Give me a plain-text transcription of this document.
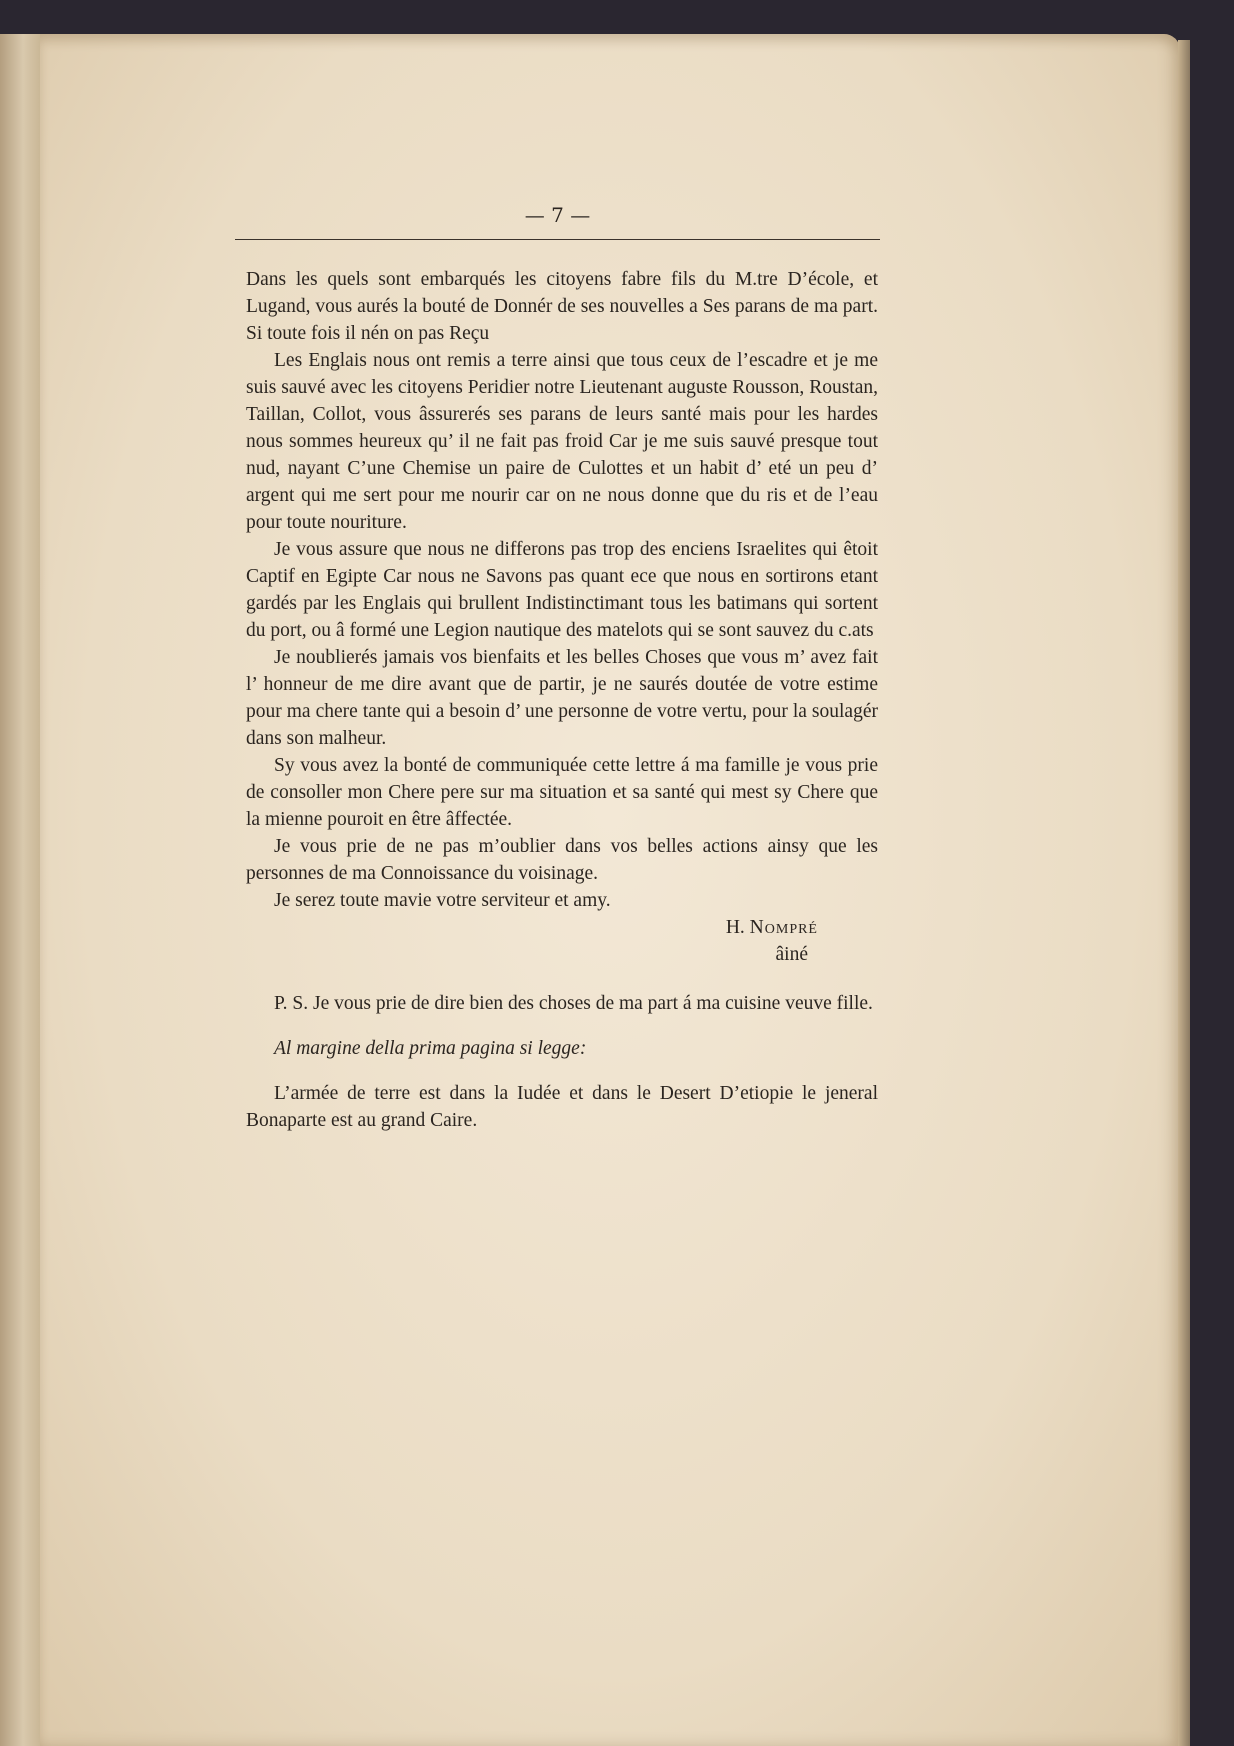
— 7 —

Dans les quels sont embarqués les citoyens fabre fils du M.tre D’école, et Lugand, vous aurés la bouté de Donnér de ses nouvelles a Ses parans de ma part. Si toute fois il nén on pas Reçu

Les Englais nous ont remis a terre ainsi que tous ceux de l’escadre et je me suis sauvé avec les citoyens Peridier notre Lieutenant auguste Rousson, Roustan, Taillan, Collot, vous âssurerés ses parans de leurs santé mais pour les hardes nous sommes heureux qu’ il ne fait pas froid Car je me suis sauvé presque tout nud, nayant C’une Chemise un paire de Culottes et un habit d’ eté un peu d’ argent qui me sert pour me nourir car on ne nous donne que du ris et de l’eau pour toute nouriture.

Je vous assure que nous ne differons pas trop des enciens Israelites qui êtoit Captif en Egipte Car nous ne Savons pas quant ece que nous en sortirons etant gardés par les Englais qui brullent Indistinctimant tous les batimans qui sortent du port, ou â formé une Legion nautique des matelots qui se sont sauvez du c.ats

Je noublierés jamais vos bienfaits et les belles Choses que vous m’ avez fait l’ honneur de me dire avant que de partir, je ne saurés doutée de votre estime pour ma chere tante qui a besoin d’ une personne de votre vertu, pour la soulagér dans son malheur.

Sy vous avez la bonté de communiquée cette lettre á ma famille je vous prie de consoller mon Chere pere sur ma situation et sa santé qui mest sy Chere que la mienne pouroit en être âffectée.

Je vous prie de ne pas m’oublier dans vos belles actions ainsy que les personnes de ma Connoissance du voisinage.

Je serez toute mavie votre serviteur et amy.

H. Nompré

âiné

P. S. Je vous prie de dire bien des choses de ma part á ma cuisine veuve fille.

Al margine della prima pagina si legge:

L’armée de terre est dans la Iudée et dans le Desert D’etiopie le jeneral Bonaparte est au grand Caire.
